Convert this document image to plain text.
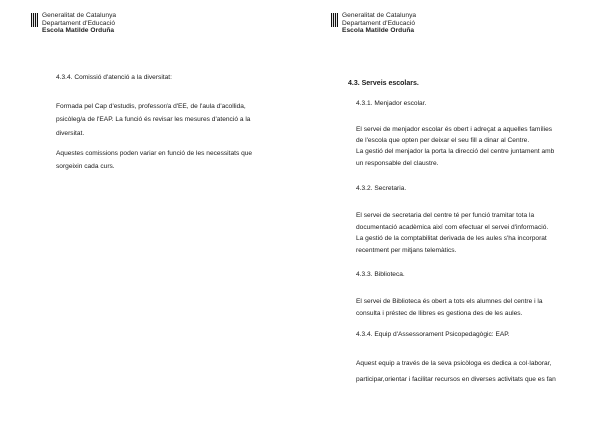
Generalitat de Catalunya
Departament d'Educació
Escola Matilde Orduña

4.3.4. Comissió d'atenció a la diversitat:

Formada pel Cap d'estudis, professor/a d'EE, de l'aula d'acollida,
psicòleg/a de l'EAP. La funció és revisar les mesures d'atenció a la
diversitat.
Aquestes comissions poden variar en funció de les necessitats que
sorgeixin cada curs.
Generalitat de Catalunya
Departament d'Educació
Escola Matilde Orduña
4.3. Serveis escolars.
4.3.1. Menjador escolar.
El servei de menjador escolar és obert i adreçat a aquelles famílies
de l'escola que opten per deixar el seu fill a dinar al Centre.
La gestió del menjador la porta la direcció del centre juntament amb
un responsable del claustre.
4.3.2. Secretaria.
El servei de secretaria del centre té per funció tramitar tota la
documentació acadèmica així com efectuar el servei d'informació.
La gestió de la comptabilitat derivada de les aules s'ha incorporat
recentment per mitjans telemàtics.
4.3.3. Biblioteca.
El servei de Biblioteca és obert a tots els alumnes del centre i la
consulta i préstec de llibres es gestiona des de les aules.
4.3.4. Equip d'Assessorament Psicopedagògic: EAP.
Aquest equip a través de la seva psicòloga es dedica a col·laborar,
participar,orientar i facilitar recursos en diverses activitats que es fan
